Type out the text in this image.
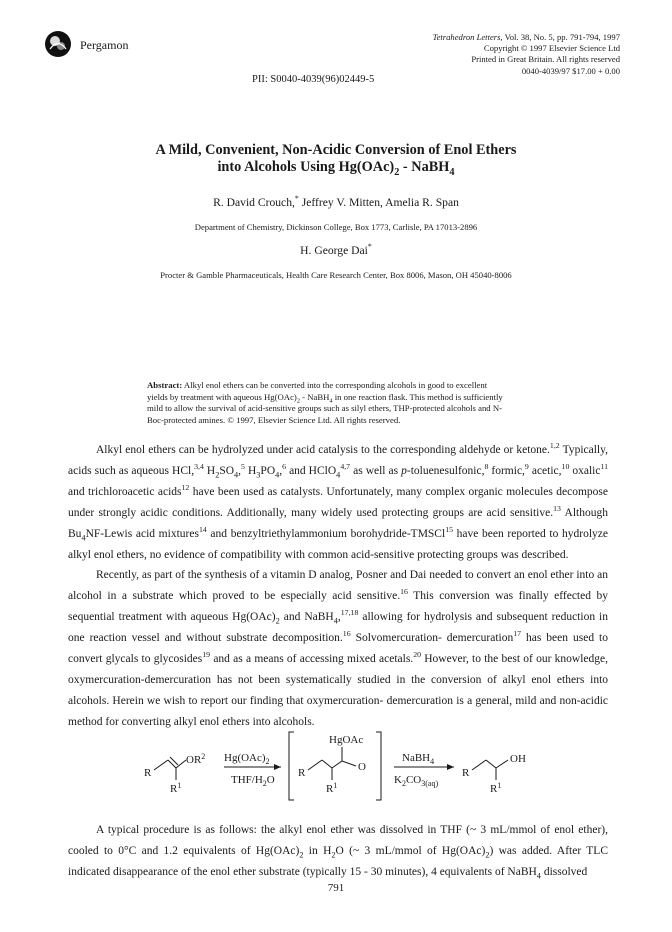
Pergamon
Tetrahedron Letters, Vol. 38, No. 5, pp. 791-794, 1997
Copyright © 1997 Elsevier Science Ltd
Printed in Great Britain. All rights reserved
0040-4039/97 $17.00 + 0.00
PII: S0040-4039(96)02449-5
A Mild, Convenient, Non-Acidic Conversion of Enol Ethers
into Alcohols Using $Hg(OAc)_2$ - NaBH$_4$
R. David Crouch,* Jeffrey V. Mitten, Amelia R. Span
Department of Chemistry, Dickinson College, Box 1773, Carlisle, PA 17013-2896
H. George Dai*
Procter & Gamble Pharmaceuticals, Health Care Research Center, Box 8006, Mason, OH 45040-8006
Abstract: Alkyl enol ethers can be converted into the corresponding alcohols in good to excellent
yields by treatment with aqueous $Hg(OAc)_2$ - NaBH$_4$ in one reaction flask. This method is sufficiently
mild to allow the survival of acid-sensitive groups such as silyl ethers, THP-protected alcohols and N-
Boc-protected amines. © 1997, Elsevier Science Ltd. All rights reserved.

Alkyl enol ethers can be hydrolyzed under acid catalysis to the corresponding aldehyde or ketone.$^{1,2}$ Typically, acids such as aqueous HCl,$^{3,4}$ $H_2SO_4,^5$ $H_3PO_4,^6$ and HClO$_4^{4,7}$ as well as p-toluenesulfonic,$^8$ formic,$^9$ acetic,$^{10}$ oxalic$^{11}$ and trichloroacetic acids$^{12}$ have been used as catalysts. Unfortunately, many complex organic molecules decompose under strongly acidic conditions. Additionally, many widely used protecting groups are acid sensitive.$^{13}$ Although $Bu_4NF$-Lewis acid mixtures$^{14}$ and benzyltriethylammonium borohydride-TMSCl$^{15}$ have been reported to hydrolyze alkyl enol ethers, no evidence of compatibility with common acid-sensitive protecting groups was described.

Recently, as part of the synthesis of a vitamin D analog, Posner and Dai needed to convert an enol ether into an alcohol in a substrate which proved to be especially acid sensitive.$^{16}$ This conversion was finally effected by sequential treatment with aqueous $Hg(OAc)_2$ and NaBH$_4$,$^{17,18}$ allowing for hydrolysis and subsequent reduction in one reaction vessel and without substrate decomposition.$^{16}$ Solvomercuration- demercuration$^{17}$ has been used to convert glycals to glycosides$^{19}$ and as a means of accessing mixed acetals.$^{20}$ However, to the best of our knowledge, oxymercuration-demercuration has not been systematically studied in the conversion of alkyl enol ethers into alcohols. Herein we wish to report our finding that oxymercuration- demercuration is a general, mild and non-acidic method for converting alkyl enol ethers into alcohols.

R
$OR^2$
$R^1$
$Hg(OAc)_2$
THF/$H_2O$
HgOAc
R	O
$R^1$
NaBH$_4$
$K_2CO_{3(aq)}$
R
OH
$R^1$

A typical procedure is as follows: the alkyl enol ether was dissolved in THF (~ 3 mL/mmol of enol ether), cooled to 0°C and 1.2 equivalents of $Hg(OAc)_2$ in $H_2O$ (~ 3 mL/mmol of $Hg(OAc)_2$) was added. After TLC indicated disappearance of the enol ether substrate (typically 15 - 30 minutes), 4 equivalents of NaBH$_4$ dissolved

791
